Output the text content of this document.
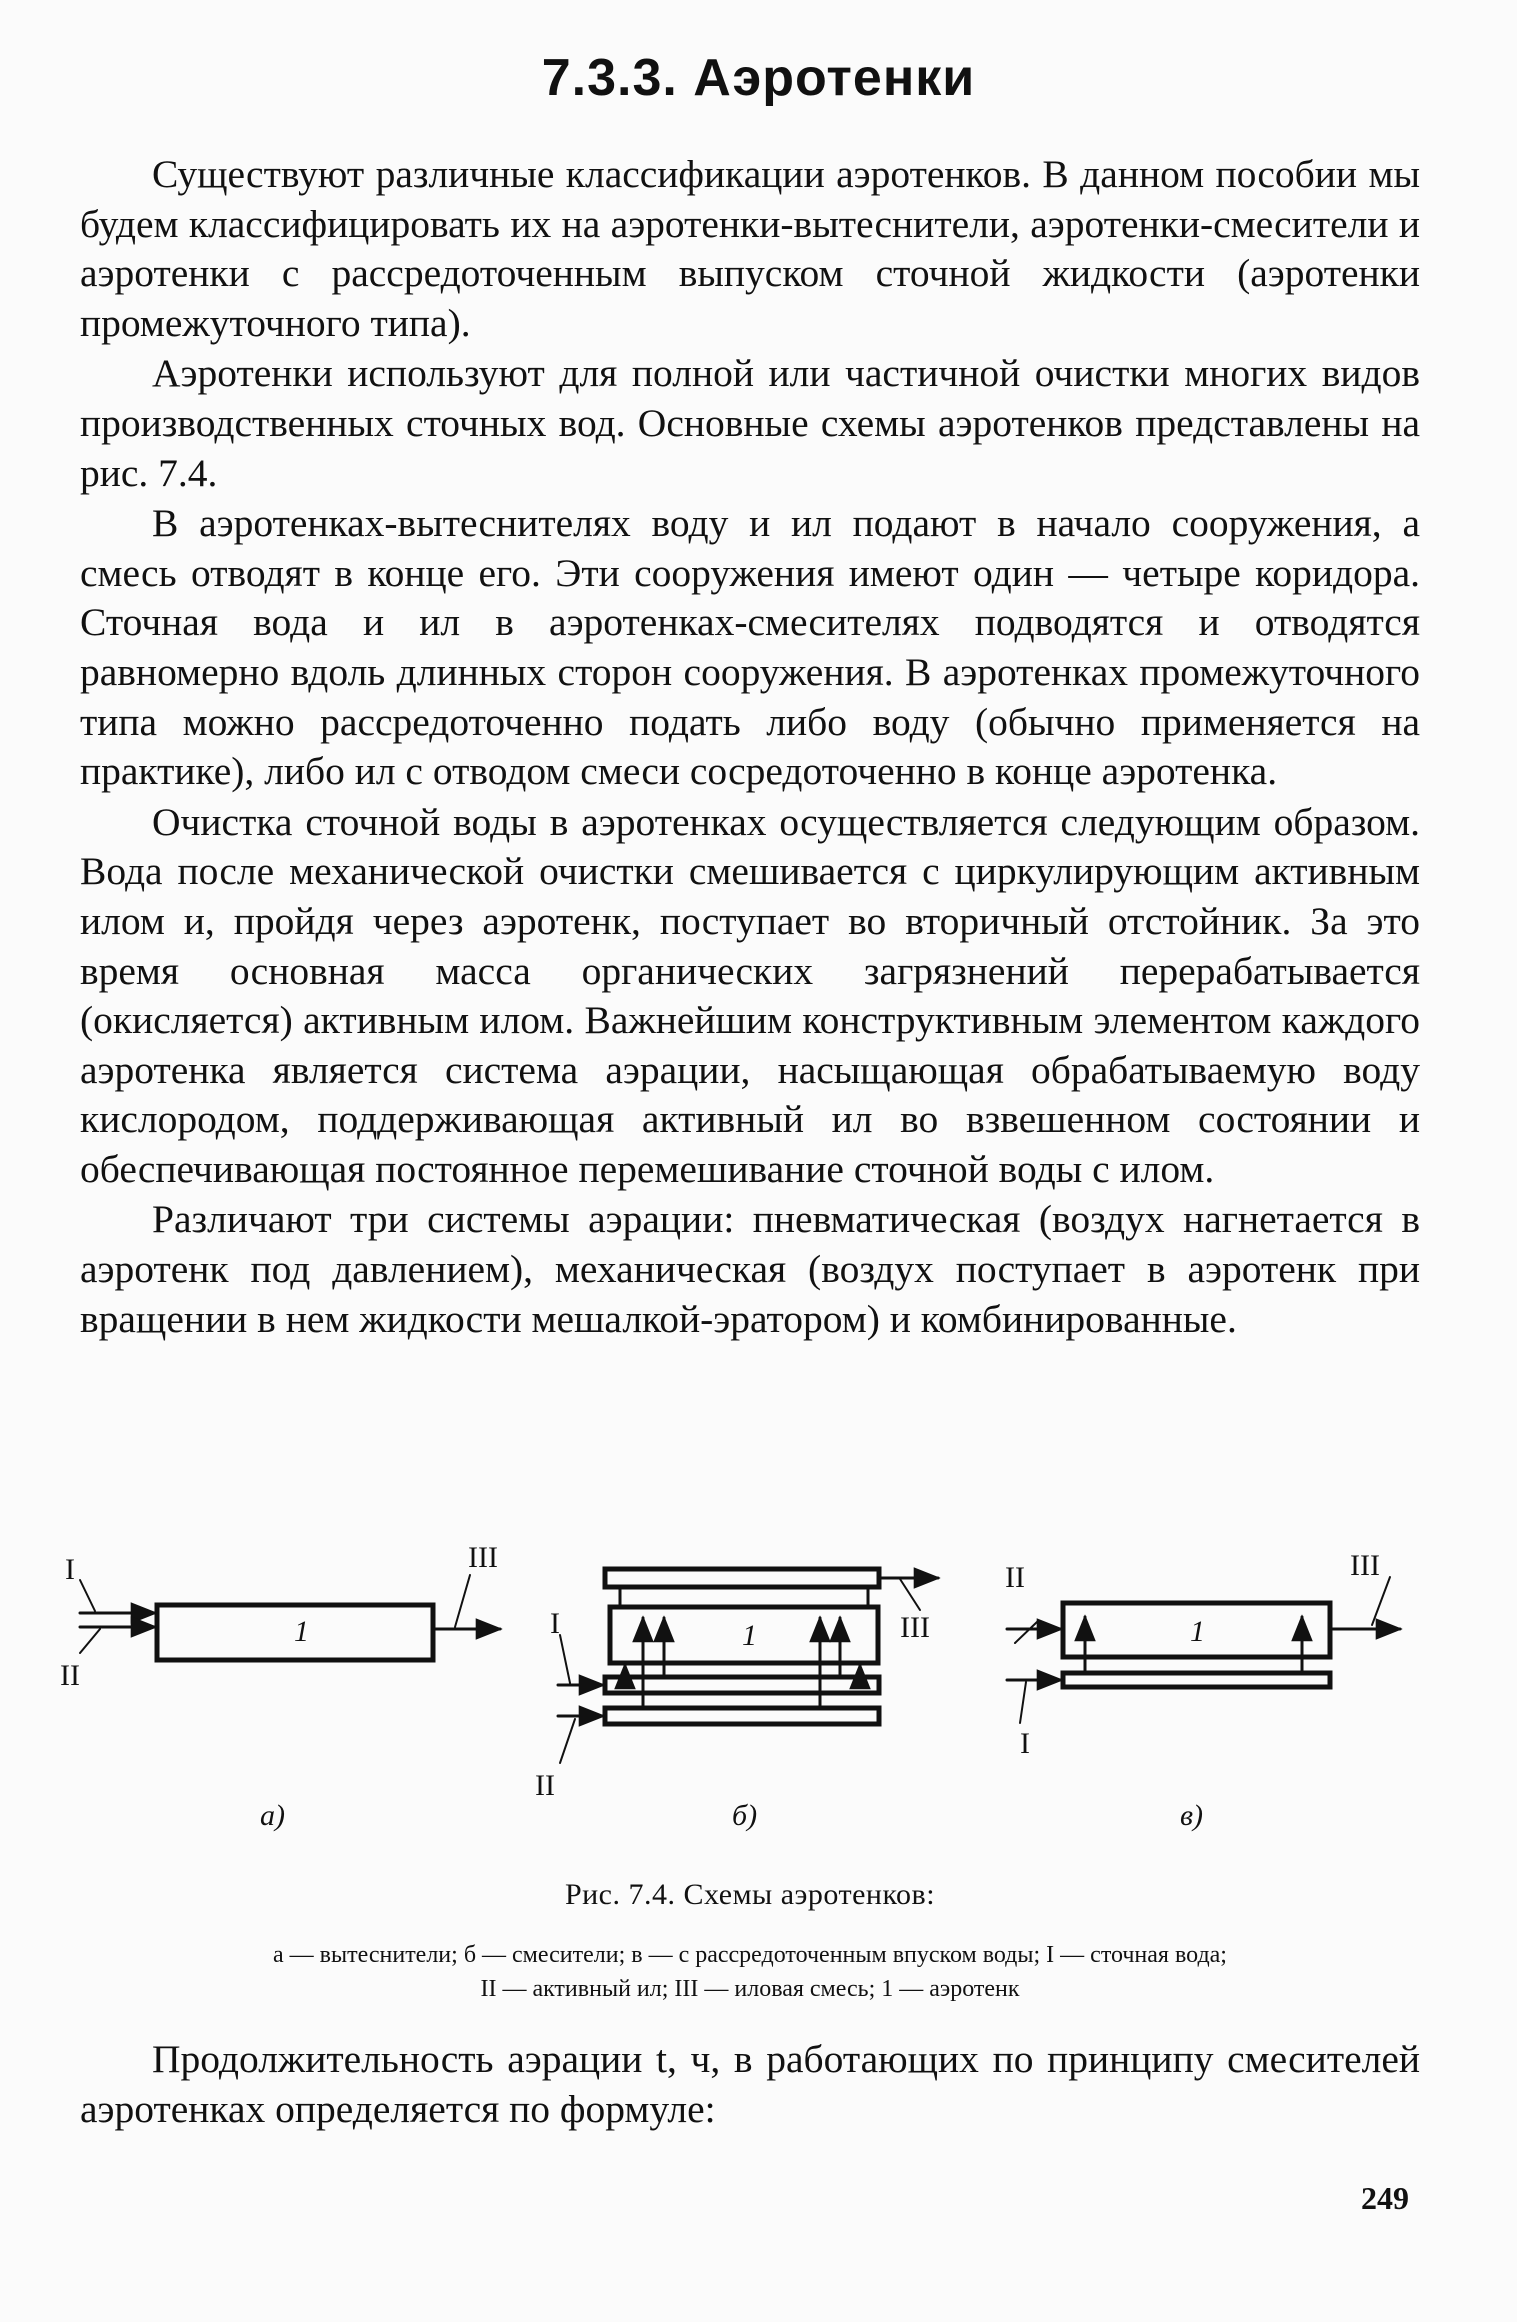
7.3.3. Аэротенки

Существуют различные классификации аэротенков. В данном пособии мы будем классифицировать их на аэротенки-вытеснители, аэротенки-смесители и аэротенки с рассредоточенным выпуском сточной жидкости (аэротенки промежуточного типа).

Аэротенки используют для полной или частичной очистки многих видов производственных сточных вод. Основные схемы аэротенков представлены на рис. 7.4.

В аэротенках-вытеснителях воду и ил подают в начало сооружения, а смесь отводят в конце его. Эти сооружения имеют один — четыре коридора. Сточная вода и ил в аэротенках-смесителях подводятся и отводятся равномерно вдоль длинных сторон сооружения. В аэротенках промежуточного типа можно рассредоточенно подать либо воду (обычно применяется на практике), либо ил с отводом смеси сосредоточенно в конце аэротенка.

Очистка сточной воды в аэротенках осуществляется следующим образом. Вода после механической очистки смешивается с циркулирующим активным илом и, пройдя через аэротенк, поступает во вторичный отстойник. За это время основная масса органических загрязнений перерабатывается (окисляется) активным илом. Важнейшим конструктивным элементом каждого аэротенка является система аэрации, насыщающая обрабатываемую воду кислородом, поддерживающая активный ил во взвешенном состоянии и обеспечивающая постоянное перемешивание сточной воды с илом.

Различают три системы аэрации: пневматическая (воздух нагнетается в аэротенк под давлением), механическая (воздух поступает в аэротенк при вращении в нем жидкости мешалкой-эратором) и комбинированные.

I
II
III
1	I
II
III
1
II
I
III
1
а)	б)	в)
Рис. 7.4. Схемы аэротенков:
а — вытеснители; б — смесители; в — с рассредоточенным впуском воды; I — сточная вода;
II — активный ил; III — иловая смесь; 1 — аэротенк

Продолжительность аэрации t, ч, в работающих по принципу смесителей аэротенках определяется по формуле:

249
